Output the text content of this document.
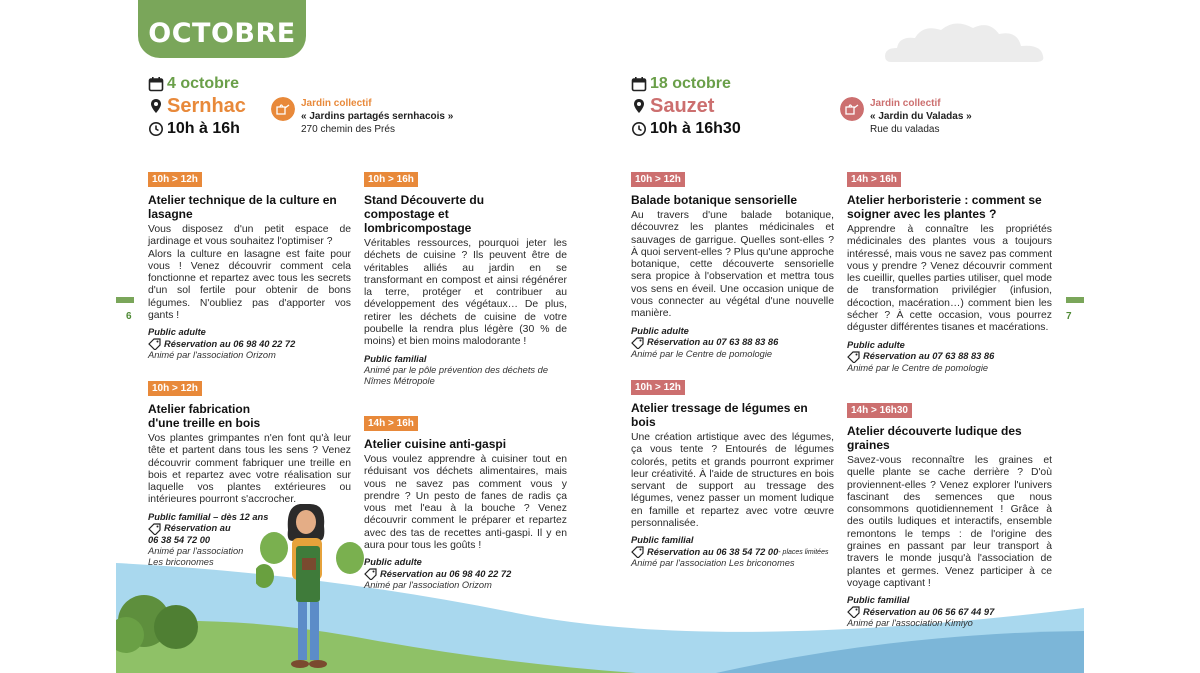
OCTOBRE
6	7
4 octobre
Sernhac
10h à 16h
Jardin collectif
« Jardins partagés sernhacois »
270 chemin des Prés
18 octobre
Sauzet
10h à 16h30
Jardin collectif
« Jardin du Valadas »
Rue du valadas
10h > 12h
Atelier technique de la culture en lasagne

Vous disposez d'un petit espace de jardinage et vous souhaitez l'optimiser ?

Alors la culture en lasagne est faite pour vous ! Venez découvrir comment cela fonctionne et repartez avec tous les secrets d'un sol fertile pour obtenir de bons légumes. N'oubliez pas d'apporter vos gants !

Public adulte
Réservation au 06 98 40 22 72
Animé par l'association Orizom
10h > 12h
Atelier fabrication d'une treille en bois

Vos plantes grimpantes n'en font qu'à leur tête et partent dans tous les sens ? Venez découvrir comment fabriquer une treille en bois et repartez avec votre réalisation sur laquelle vos plantes extérieures ou intérieures pourront s'accrocher.

Public familial – dès 12 ans
Réservation au
06 38 54 72 00
Animé par l'association
Les briconomes
10h > 16h
Stand Découverte du compostage et lombricompostage

Véritables ressources, pourquoi jeter les déchets de cuisine ? Ils peuvent être de véritables alliés au jardin en se transformant en compost et ainsi régénérer la terre, protéger et contribuer au développement des végétaux… De plus, retirer les déchets de cuisine de votre poubelle la rendra plus légère (30 % de moins) et bien moins malodorante !

Public familial
Animé par le pôle prévention des déchets de Nîmes Métropole
14h > 16h
Atelier cuisine anti-gaspi

Vous voulez apprendre à cuisiner tout en réduisant vos déchets alimentaires, mais vous ne savez pas comment vous y prendre ? Un pesto de fanes de radis ça vous met l'eau à la bouche ? Venez découvrir comment le préparer et repartez avec des tas de recettes anti-gaspi. Il y en aura pour tous les goûts !

Public adulte
Réservation au 06 98 40 22 72
Animé par l'association Orizom
10h > 12h
Balade botanique sensorielle

Au travers d'une balade botanique, découvrez les plantes médicinales et sauvages de garrigue. Quelles sont-elles ? À quoi servent-elles ? Plus qu'une approche botanique, cette découverte sensorielle sera propice à l'observation et mettra tous vos sens en éveil. Une occasion unique de vous connecter au végétal d'une nouvelle manière.

Public adulte
Réservation au 07 63 88 83 86
Animé par le Centre de pomologie
10h > 12h
Atelier tressage de légumes en bois

Une création artistique avec des légumes, ça vous tente ? Entourés de légumes colorés, petits et grands pourront exprimer leur créativité. À l'aide de structures en bois servant de support au tressage des légumes, venez passer un moment ludique en famille et repartez avec votre œuvre personnalisée.

Public familial
Réservation au 06 38 54 72 00 - places limitées
Animé par l'association Les briconomes
14h > 16h
Atelier herboristerie : comment se soigner avec les plantes ?

Apprendre à connaître les propriétés médicinales des plantes vous a toujours intéressé, mais vous ne savez pas comment vous y prendre ? Venez découvrir comment les cueillir, quelles parties utiliser, quel mode de transformation privilégier (infusion, décoction, macération…) comment bien les sécher ? À cette occasion, vous pourrez déguster différentes tisanes et macérations.

Public adulte
Réservation au 07 63 88 83 86
Animé par le Centre de pomologie
14h > 16h30
Atelier découverte ludique des graines

Savez-vous reconnaître les graines et quelle plante se cache derrière ? D'où proviennent-elles ? Venez explorer l'univers fascinant des semences que nous consommons quotidiennement ! Grâce à des outils ludiques et interactifs, ensemble remontons le temps : de l'origine des graines en passant par leur transport à travers le monde jusqu'à l'association de plantes et germes. Venez participer à ce voyage captivant !

Public familial
Réservation au 06 56 67 44 97
Animé par l'association Kimiyo
